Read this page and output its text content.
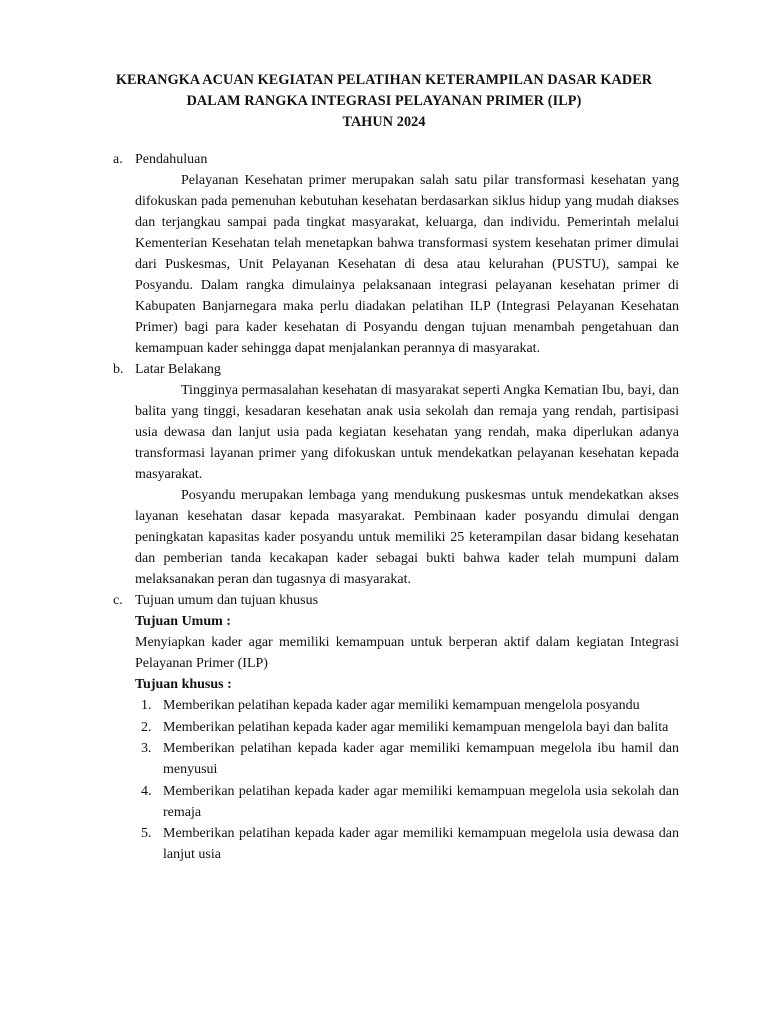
KERANGKA ACUAN KEGIATAN PELATIHAN KETERAMPILAN DASAR KADER
DALAM RANGKA INTEGRASI PELAYANAN PRIMER (ILP)
TAHUN 2024
a. Pendahuluan
Pelayanan Kesehatan primer merupakan salah satu pilar transformasi kesehatan yang difokuskan pada pemenuhan kebutuhan kesehatan berdasarkan siklus hidup yang mudah diakses dan terjangkau sampai pada tingkat masyarakat, keluarga, dan individu. Pemerintah melalui Kementerian Kesehatan telah menetapkan bahwa transformasi system kesehatan primer dimulai dari Puskesmas, Unit Pelayanan Kesehatan di desa atau kelurahan (PUSTU), sampai ke Posyandu. Dalam rangka dimulainya pelaksanaan integrasi pelayanan kesehatan primer di Kabupaten Banjarnegara maka perlu diadakan pelatihan ILP (Integrasi Pelayanan Kesehatan Primer) bagi para kader kesehatan di Posyandu dengan tujuan menambah pengetahuan dan kemampuan kader sehingga dapat menjalankan perannya di masyarakat.
b. Latar Belakang
Tingginya permasalahan kesehatan di masyarakat seperti Angka Kematian Ibu, bayi, dan balita yang tinggi, kesadaran kesehatan anak usia sekolah dan remaja yang rendah, partisipasi usia dewasa dan lanjut usia pada kegiatan kesehatan yang rendah, maka diperlukan adanya transformasi layanan primer yang difokuskan untuk mendekatkan pelayanan kesehatan kepada masyarakat.
Posyandu merupakan lembaga yang mendukung puskesmas untuk mendekatkan akses layanan kesehatan dasar kepada masyarakat. Pembinaan kader posyandu dimulai dengan peningkatan kapasitas kader posyandu untuk memiliki 25 keterampilan dasar bidang kesehatan dan pemberian tanda kecakapan kader sebagai bukti bahwa kader telah mumpuni dalam melaksanakan peran dan tugasnya di masyarakat.
c. Tujuan umum dan tujuan khusus
Tujuan Umum :
Menyiapkan kader agar memiliki kemampuan untuk berperan aktif dalam kegiatan Integrasi Pelayanan Primer (ILP)
Tujuan khusus :
1. Memberikan pelatihan kepada kader agar memiliki kemampuan mengelola posyandu
2. Memberikan pelatihan kepada kader agar memiliki kemampuan mengelola bayi dan balita
3. Memberikan pelatihan kepada kader agar memiliki kemampuan megelola ibu hamil dan menyusui
4. Memberikan pelatihan kepada kader agar memiliki kemampuan megelola usia sekolah dan remaja
5. Memberikan pelatihan kepada kader agar memiliki kemampuan megelola usia dewasa dan lanjut usia
